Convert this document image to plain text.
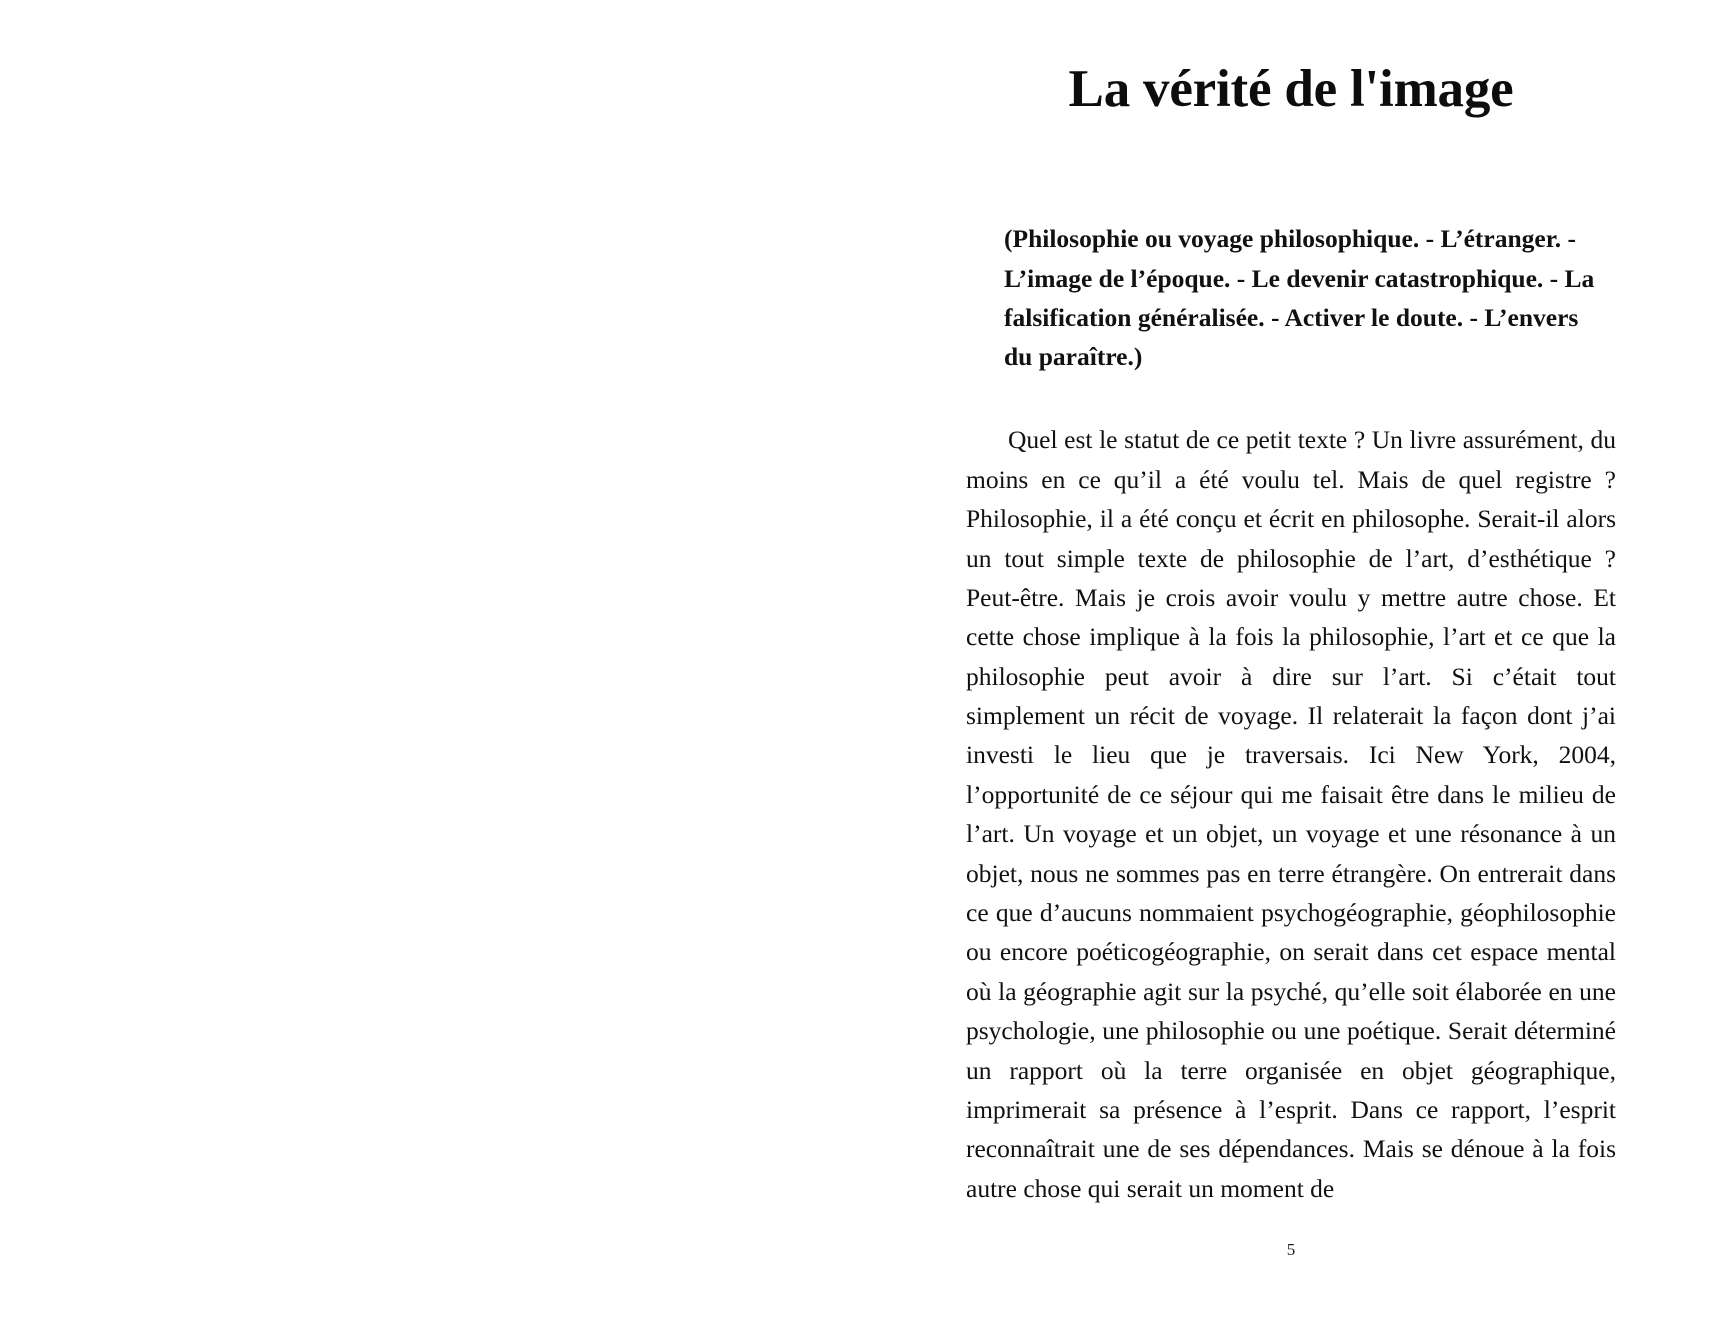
La vérité de l'image
(Philosophie ou voyage philosophique. - L’étranger. - L’image de l’époque. - Le devenir catastrophique. - La falsification généralisée. - Activer le doute. - L’envers du paraître.)

Quel est le statut de ce petit texte ? Un livre assurément, du moins en ce qu’il a été voulu tel. Mais de quel registre ? Philosophie, il a été conçu et écrit en philosophe. Serait-il alors un tout simple texte de philosophie de l’art, d’esthétique ? Peut-être. Mais je crois avoir voulu y mettre autre chose. Et cette chose implique à la fois la philosophie, l’art et ce que la philosophie peut avoir à dire sur l’art. Si c’était tout simplement un récit de voyage. Il relaterait la façon dont j’ai investi le lieu que je traversais. Ici New York, 2004, l’opportunité de ce séjour qui me faisait être dans le milieu de l’art. Un voyage et un objet, un voyage et une résonance à un objet, nous ne sommes pas en terre étrangère. On entrerait dans ce que d’aucuns nommaient psychogéographie, géophilosophie ou encore poéticogéographie, on serait dans cet espace mental où la géographie agit sur la psyché, qu’elle soit élaborée en une psychologie, une philosophie ou une poétique. Serait déterminé un rapport où la terre organisée en objet géographique, imprimerait sa présence à l’esprit. Dans ce rapport, l’esprit reconnaîtrait une de ses dépendances. Mais se dénoue à la fois autre chose qui serait un moment de

5
